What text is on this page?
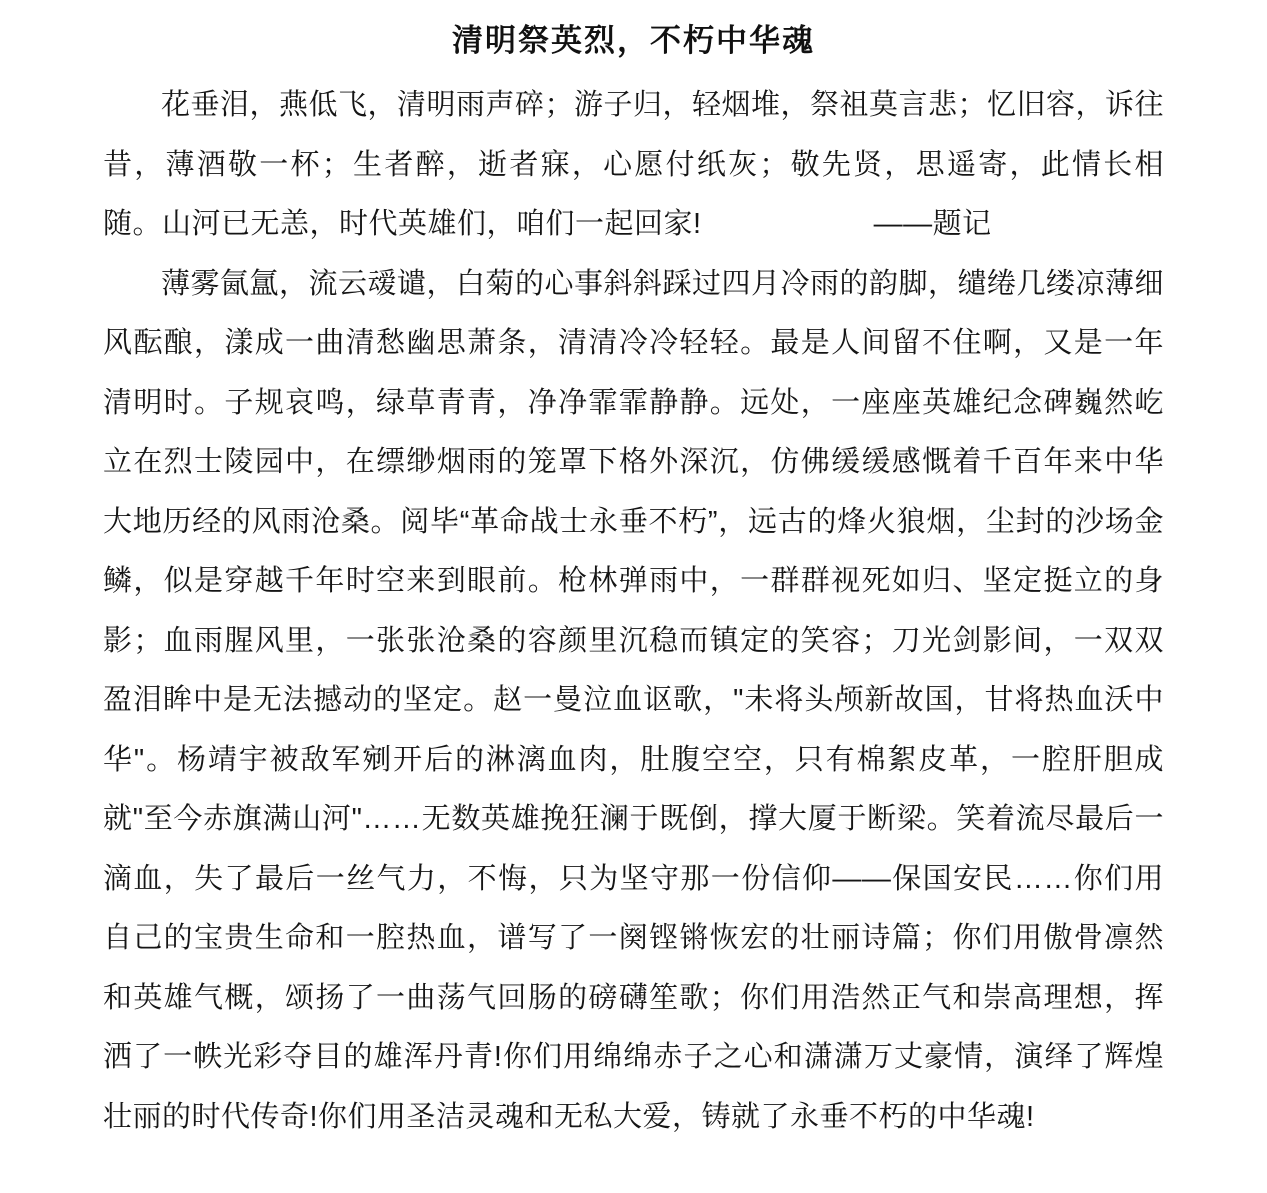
清明祭英烈，不朽中华魂

花垂泪，燕低飞，清明雨声碎；游子归，轻烟堆，祭祖莫言悲；忆旧容，诉往昔，薄酒敬一杯；生者醉，逝者寐，心愿付纸灰；敬先贤，思遥寄，此情长相随。山河已无恙，时代英雄们，咱们一起回家!	——题记

薄雾氤氲，流云叆谴，白菊的心事斜斜踩过四月冷雨的韵脚，缱绻几缕凉薄细风酝酿，漾成一曲清愁幽思萧条，清清冷冷轻轻。最是人间留不住啊，又是一年清明时。子规哀鸣，绿草青青，净净霏霏静静。远处，一座座英雄纪念碑巍然屹立在烈士陵园中，在缥缈烟雨的笼罩下格外深沉，仿佛缓缓感慨着千百年来中华大地历经的风雨沧桑。阅毕“革命战士永垂不朽”，远古的烽火狼烟，尘封的沙场金鳞，似是穿越千年时空来到眼前。枪林弹雨中，一群群视死如归、坚定挺立的身影；血雨腥风里，一张张沧桑的容颜里沉稳而镇定的笑容；刀光剑影间，一双双盈泪眸中是无法撼动的坚定。赵一曼泣血讴歌，"未将头颅新故国，甘将热血沃中华"。杨靖宇被敌军剜开后的淋漓血肉，肚腹空空，只有棉絮皮革，一腔肝胆成就"至今赤旗满山河"……无数英雄挽狂澜于既倒，撑大厦于断梁。笑着流尽最后一滴血，失了最后一丝气力，不悔，只为坚守那一份信仰——保国安民……你们用自己的宝贵生命和一腔热血，谱写了一阕铿锵恢宏的壮丽诗篇；你们用傲骨凛然和英雄气概，颂扬了一曲荡气回肠的磅礴笙歌；你们用浩然正气和崇高理想，挥洒了一帙光彩夺目的雄浑丹青!你们用绵绵赤子之心和潇潇万丈豪情，演绎了辉煌壮丽的时代传奇!你们用圣洁灵魂和无私大爱，铸就了永垂不朽的中华魂!
